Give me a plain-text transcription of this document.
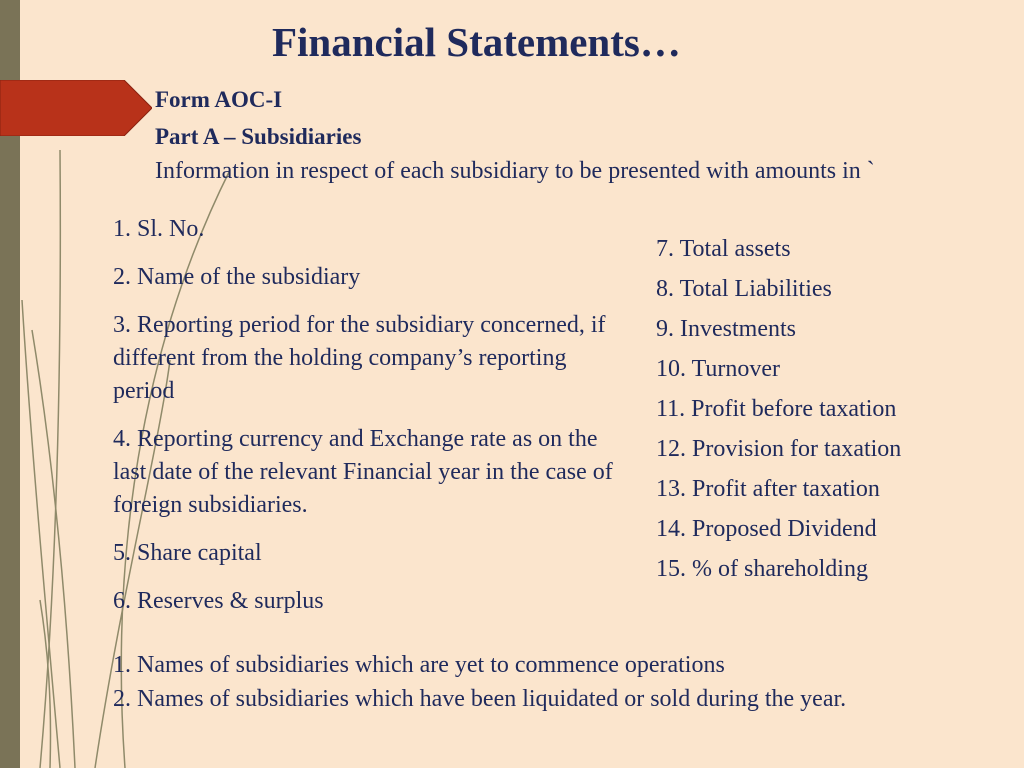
Financial Statements…
Form AOC-I
Part A – Subsidiaries
Information in respect of each subsidiary to be presented with amounts in `
1. Sl. No.
2. Name of the subsidiary
3. Reporting period for the subsidiary concerned, if different from the holding company’s reporting period
4. Reporting currency and Exchange rate as on the last date of the relevant Financial year in the case of foreign subsidiaries.
5. Share capital
6. Reserves & surplus
7. Total assets
8. Total Liabilities
9. Investments
10. Turnover
11. Profit before taxation
12. Provision for taxation
13. Profit after taxation
14. Proposed Dividend
15. % of shareholding
1. Names of subsidiaries which are yet to commence operations
2. Names of subsidiaries which have been liquidated or sold during the year.
